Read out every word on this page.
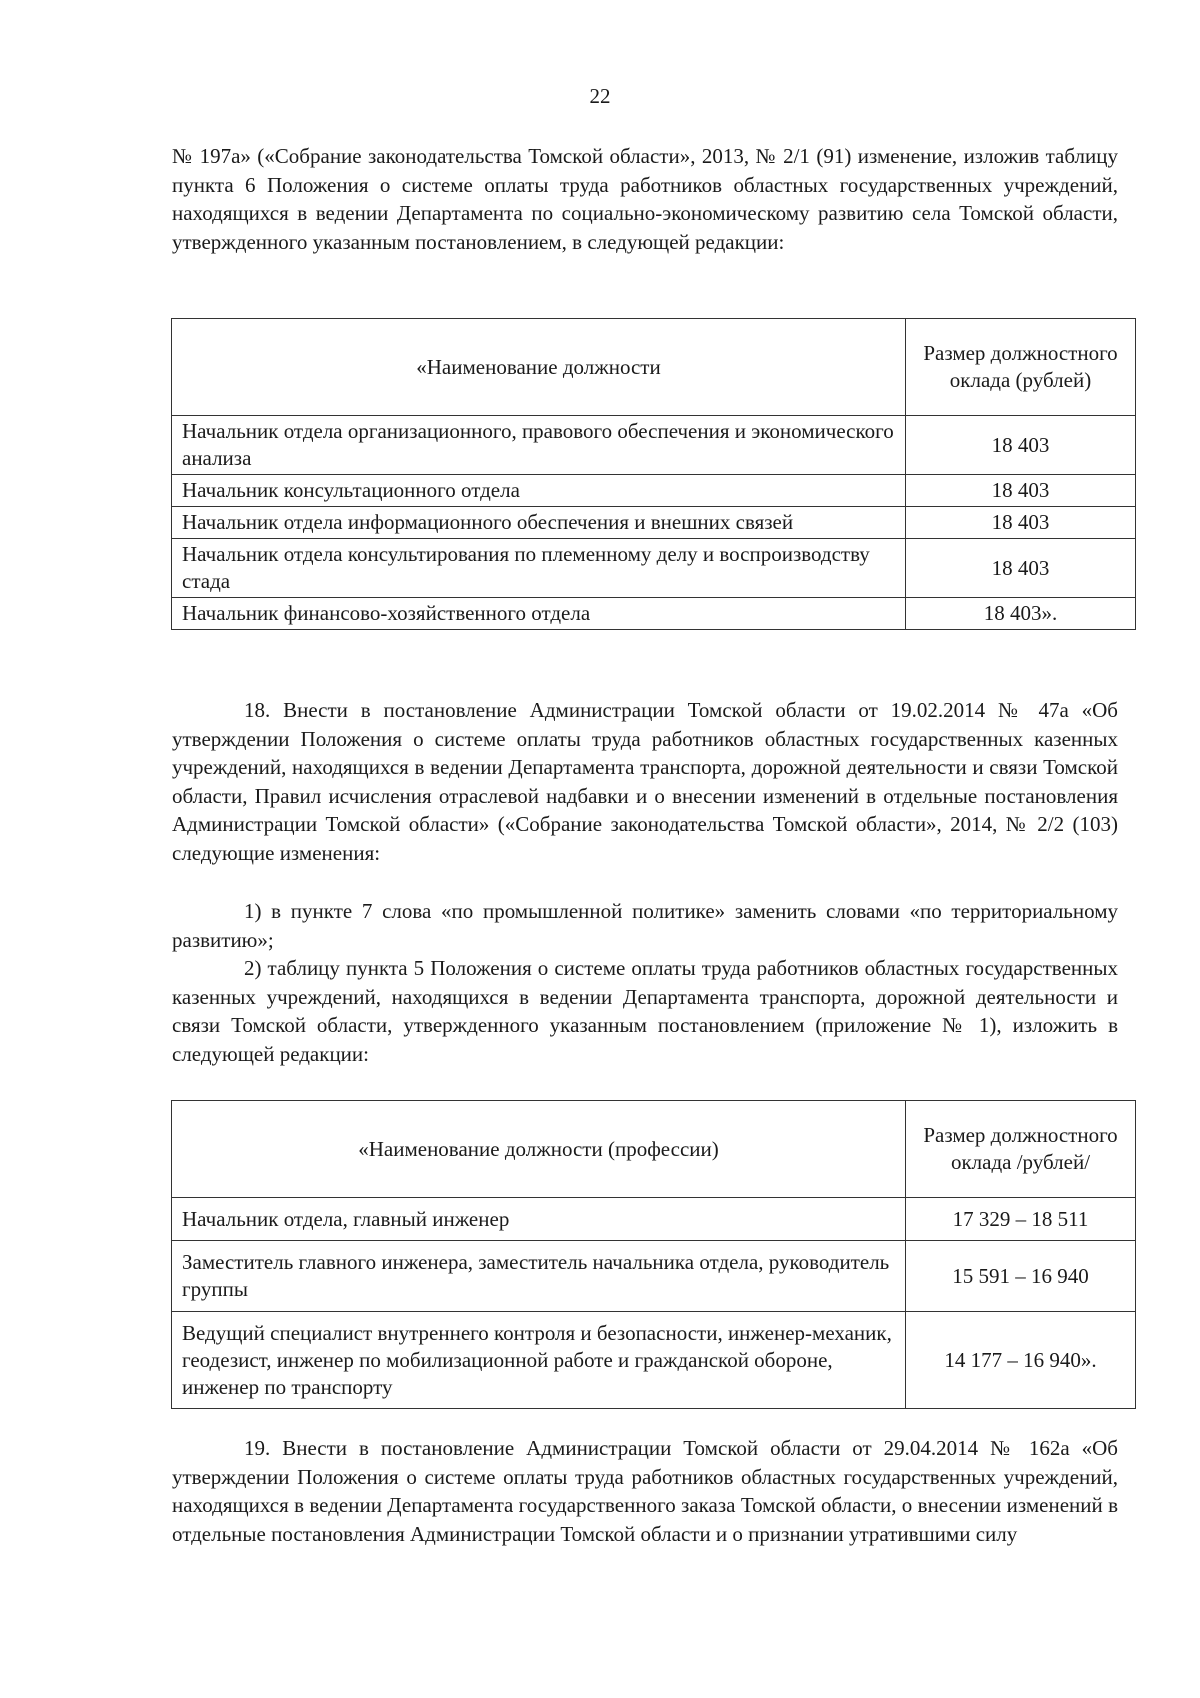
22

№ 197а» («Собрание законодательства Томской области», 2013, № 2/1 (91) изменение, изложив таблицу пункта 6 Положения о системе оплаты труда работников областных государственных учреждений, находящихся в ведении Департамента по социально-экономическому развитию села Томской области, утвержденного указанным постановлением, в следующей редакции:

«Наименование должности	Размер должностного оклада (рублей)
Начальник отдела организационного, правового обеспечения и экономического анализа	18 403
Начальник консультационного отдела	18 403
Начальник отдела информационного обеспечения и внешних связей	18 403
Начальник отдела консультирования по племенному делу и воспроизводству стада	18 403
Начальник финансово-хозяйственного отдела	18 403».

18. Внести в постановление Администрации Томской области от 19.02.2014 № 47а «Об утверждении Положения о системе оплаты труда работников областных государственных казенных учреждений, находящихся в ведении Департамента транспорта, дорожной деятельности и связи Томской области, Правил исчисления отраслевой надбавки и о внесении изменений в отдельные постановления Администрации Томской области» («Собрание законодательства Томской области», 2014, № 2/2 (103) следующие изменения:

1) в пункте 7 слова «по промышленной политике» заменить словами «по территориальному развитию»;

2) таблицу пункта 5 Положения о системе оплаты труда работников областных государственных казенных учреждений, находящихся в ведении Департамента транспорта, дорожной деятельности и связи Томской области, утвержденного указанным постановлением (приложение № 1), изложить в следующей редакции:

«Наименование должности (профессии)	Размер должностного оклада /рублей/
Начальник отдела, главный инженер	17 329 – 18 511
Заместитель главного инженера, заместитель начальника отдела, руководитель группы	15 591 – 16 940
Ведущий специалист внутреннего контроля и безопасности, инженер-механик, геодезист, инженер по мобилизационной работе и гражданской обороне, инженер по транспорту	14 177 – 16 940».

19. Внести в постановление Администрации Томской области от 29.04.2014 № 162а «Об утверждении Положения о системе оплаты труда работников областных государственных учреждений, находящихся в ведении Департамента государственного заказа Томской области, о внесении изменений в отдельные постановления Администрации Томской области и о признании утратившими силу
